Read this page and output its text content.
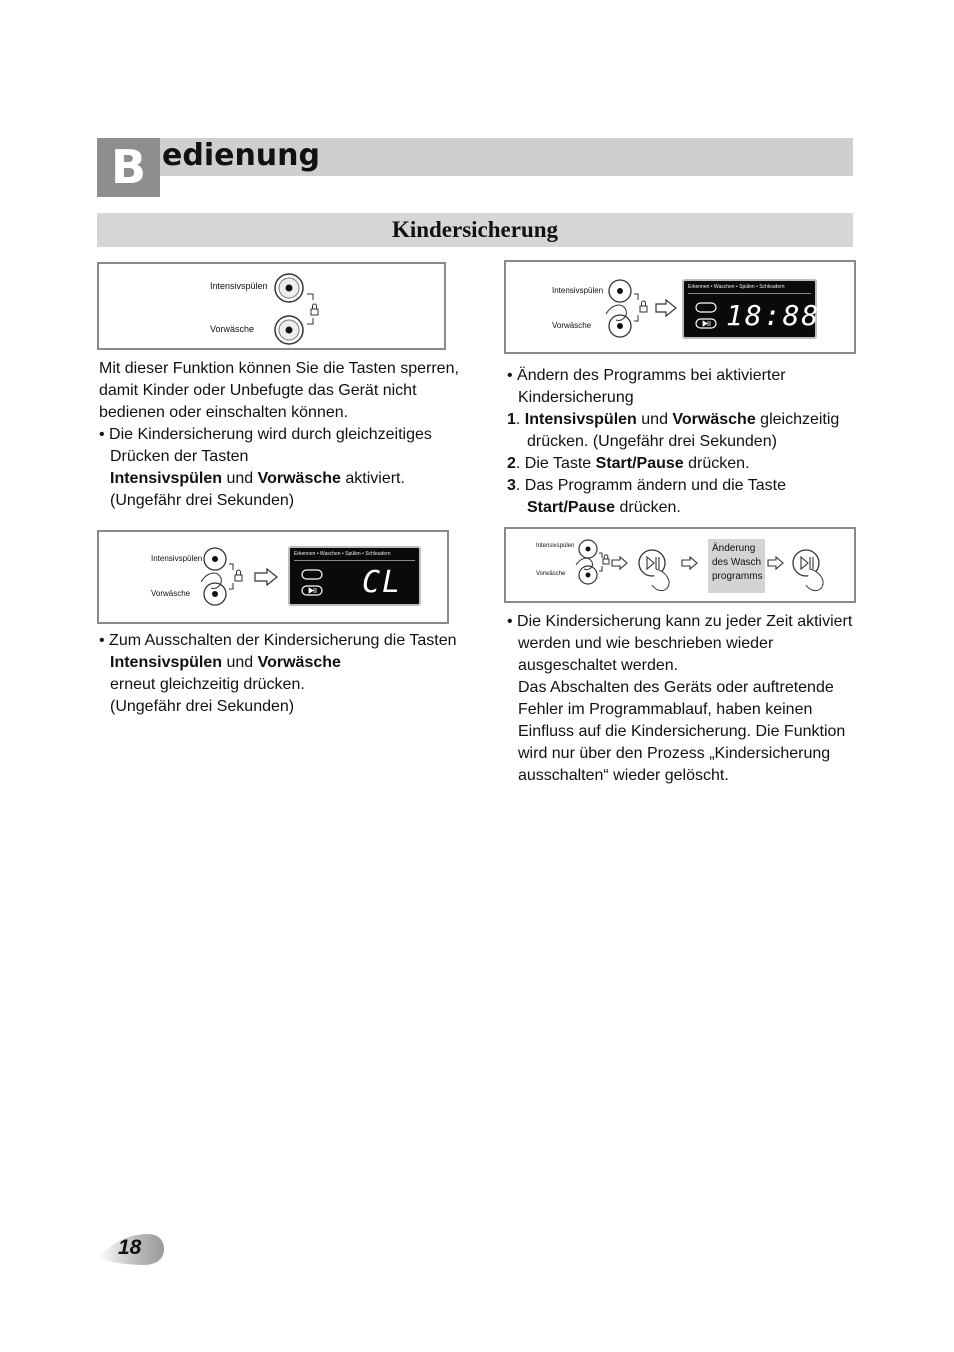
B edienung
Kindersicherung
Intensivspülen
Vorwäsche

Mit dieser Funktion können Sie die Tasten sperren, damit Kinder oder Unbefugte das Gerät nicht bedienen oder einschalten können.

• Die Kindersicherung wird durch gleichzeitiges Drücken der Tasten
Intensivspülen und Vorwäsche aktiviert.

(Ungefähr drei Sekunden)

Intensivspülen
Vorwäsche
Erkennen • Waschen • Spülen • Schleudern
CL

• Zum Ausschalten der Kindersicherung die Tasten Intensivspülen und Vorwäsche

erneut gleichzeitig drücken.

(Ungefähr drei Sekunden)

Intensivspülen
Vorwäsche
Erkennen • Waschen • Spülen • Schleudern
18:88

• Ändern des Programms bei aktivierter Kindersicherung

1. Intensivspülen und Vorwäsche gleichzeitig drücken. (Ungefähr drei Sekunden)

2. Die Taste Start/Pause drücken.

3. Das Programm ändern und die Taste

Start/Pause drücken.

Intensivspülen
Vorwäsche
Änderung
des Wasch
programms

• Die Kindersicherung kann zu jeder Zeit aktiviert werden und wie beschrieben wieder ausgeschaltet werden.

Das Abschalten des Geräts oder auftretende Fehler im Programmablauf, haben keinen Einfluss auf die Kindersicherung. Die Funktion wird nur über den Prozess „Kindersicherung ausschalten“ wieder gelöscht.

18
